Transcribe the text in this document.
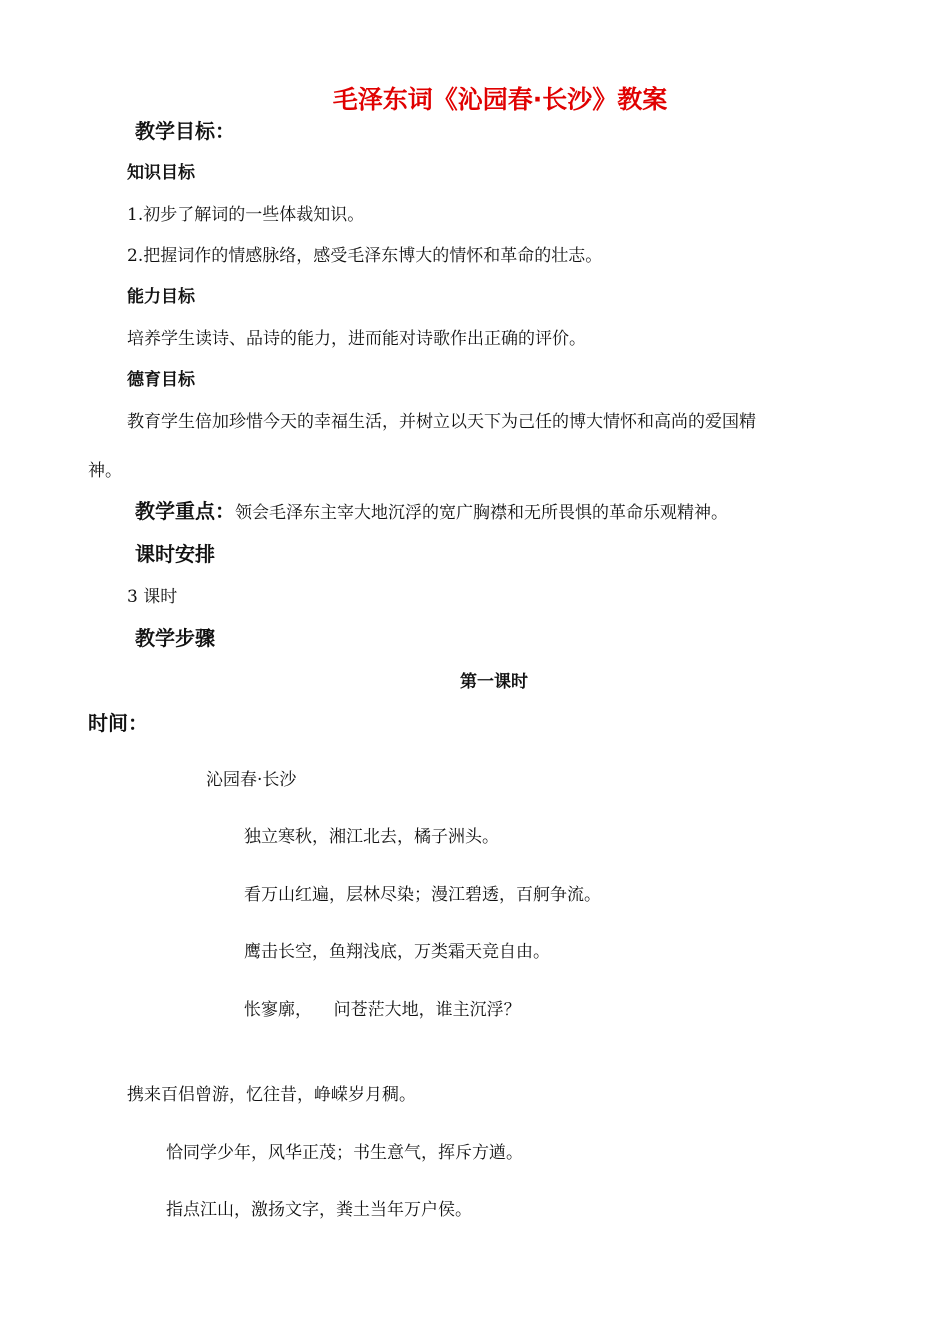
毛泽东词《沁园春·长沙》教案
教学目标：
知识目标
1.初步了解词的一些体裁知识。
2.把握词作的情感脉络，感受毛泽东博大的情怀和革命的壮志。
能力目标
培养学生读诗、品诗的能力，进而能对诗歌作出正确的评价。
德育目标
教育学生倍加珍惜今天的幸福生活，并树立以天下为己任的博大情怀和高尚的爱国精
神。
教学重点：领会毛泽东主宰大地沉浮的宽广胸襟和无所畏惧的革命乐观精神。
课时安排
3 课时
教学步骤
第一课时
时间：
沁园春·长沙
独立寒秋，湘江北去，橘子洲头。
看万山红遍，层林尽染；漫江碧透，百舸争流。
鹰击长空，鱼翔浅底，万类霜天竞自由。
怅寥廓，    问苍茫大地，谁主沉浮？
携来百侣曾游，忆往昔，峥嵘岁月稠。
恰同学少年，风华正茂；书生意气，挥斥方遒。
指点江山，激扬文字，粪土当年万户侯。
